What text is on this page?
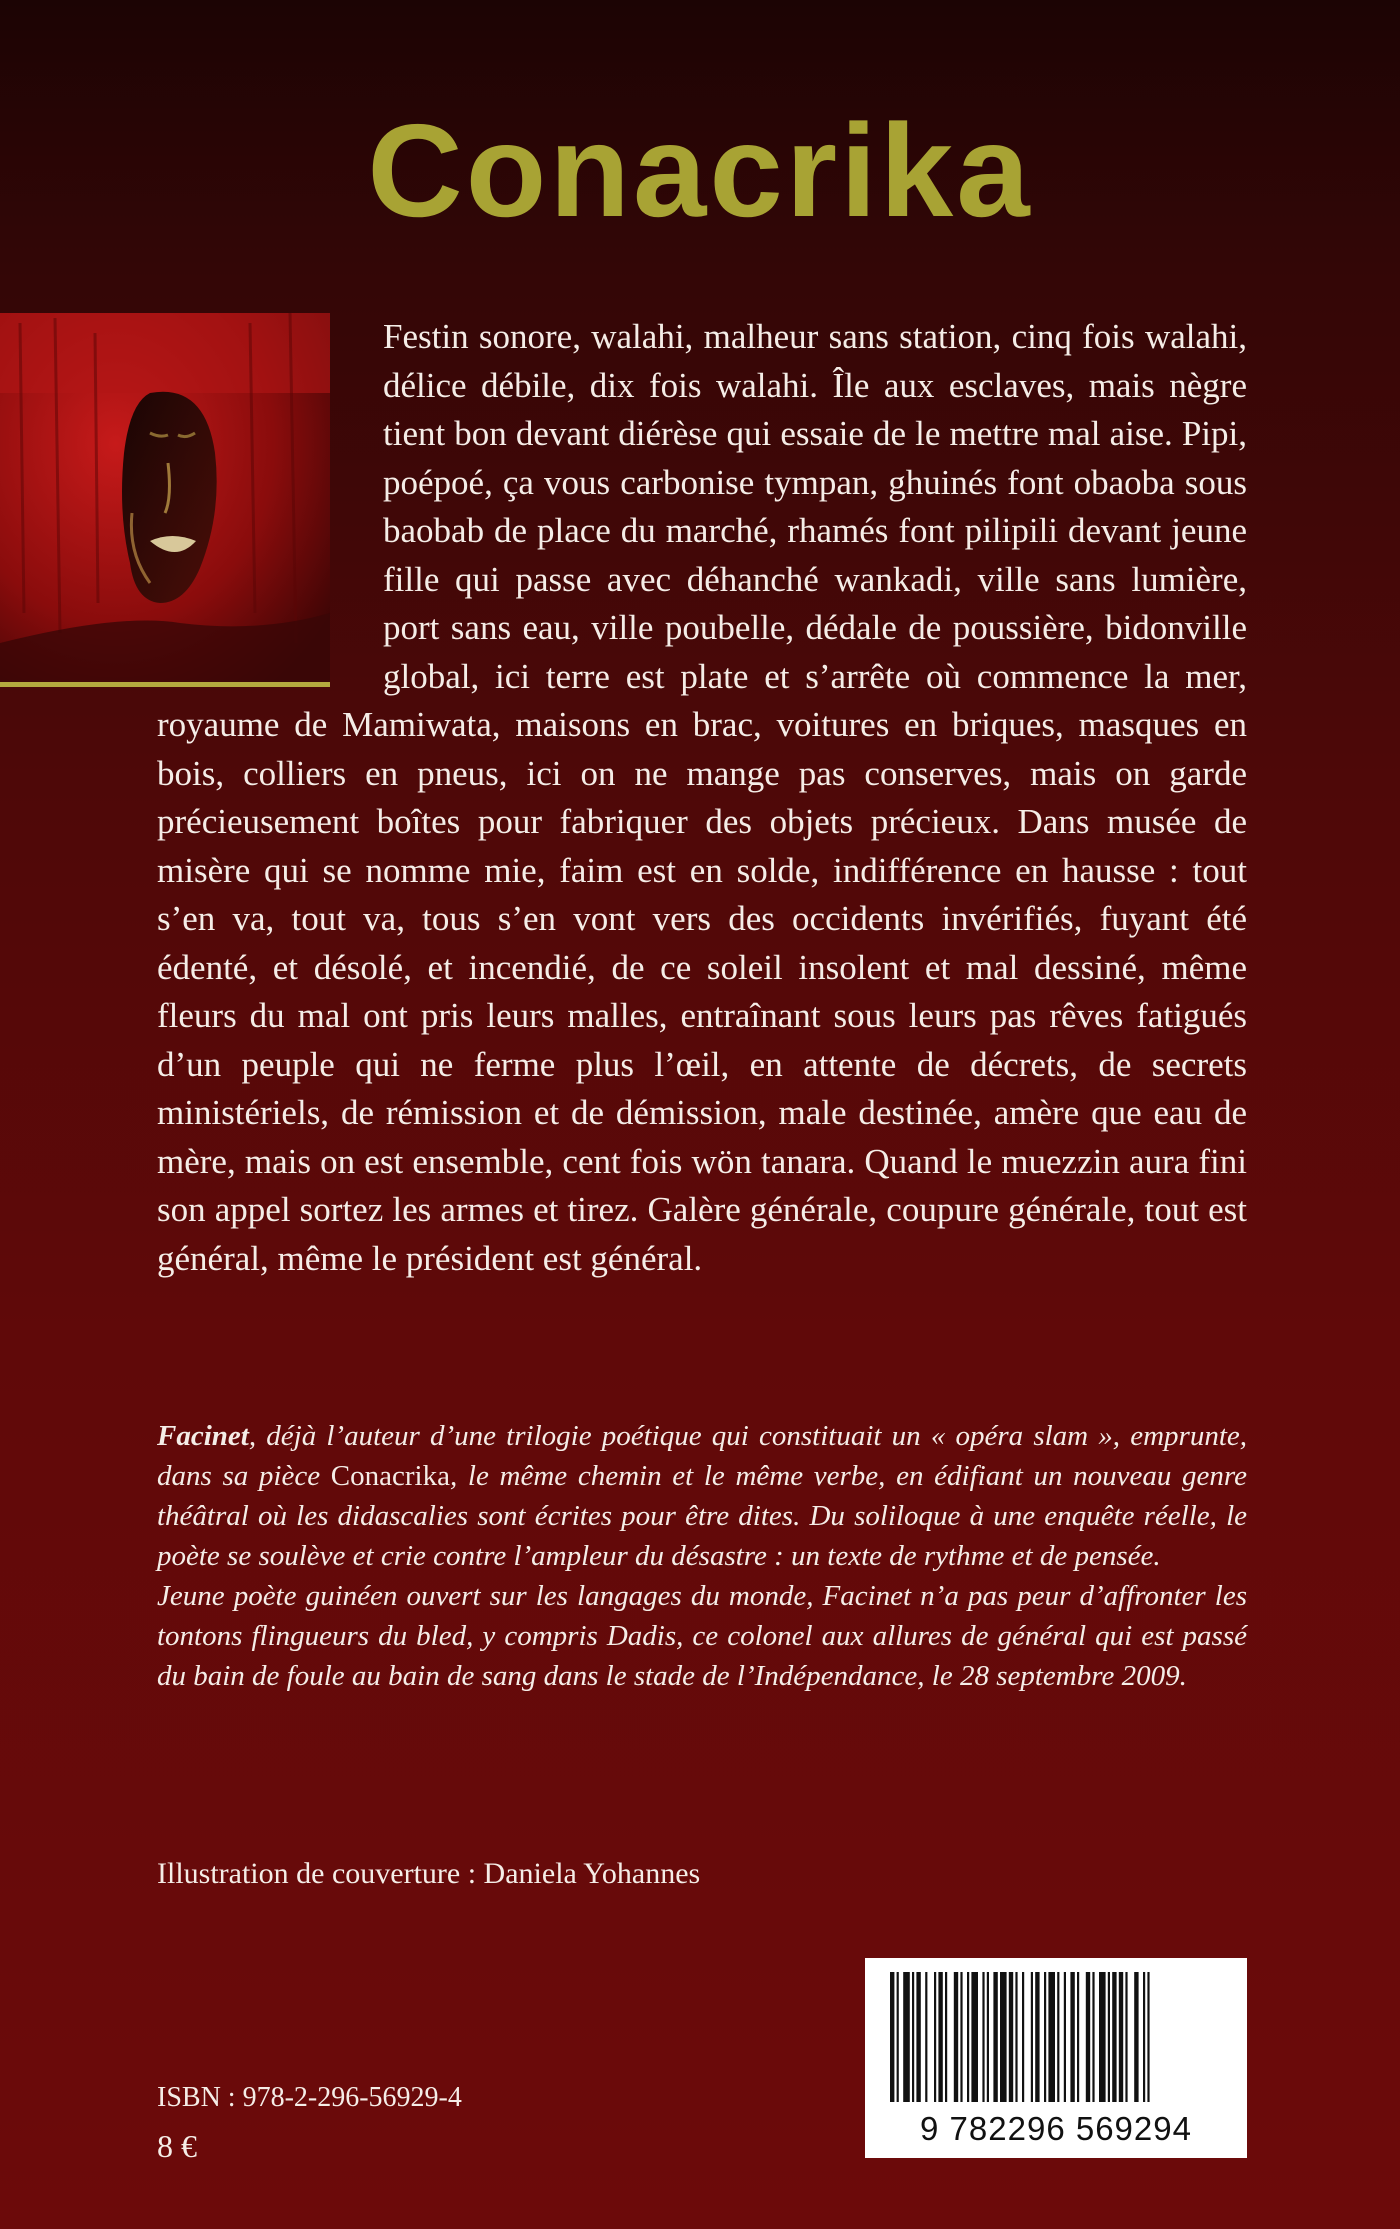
Conacrika

Festin sonore, walahi, malheur sans station, cinq fois walahi, délice débile, dix fois walahi. Île aux esclaves, mais nègre tient bon devant diérèse qui essaie de le mettre mal aise. Pipi, poépoé, ça vous carbonise tympan, ghuinés font obaoba sous baobab de place du marché, rhamés font pilipili devant jeune fille qui passe avec déhanché wankadi, ville sans lumière, port sans eau, ville poubelle, dédale de poussière, bidonville global, ici terre est plate et s’arrête où commence la mer, royaume de Mamiwata, maisons en brac, voitures en briques, masques en bois, colliers en pneus, ici on ne mange pas conserves, mais on garde précieusement boîtes pour fabriquer des objets précieux. Dans musée de misère qui se nomme mie, faim est en solde, indifférence en hausse : tout s’en va, tout va, tous s’en vont vers des occidents invérifiés, fuyant été édenté, et désolé, et incendié, de ce soleil insolent et mal dessiné, même fleurs du mal ont pris leurs malles, entraînant sous leurs pas rêves fatigués d’un peuple qui ne ferme plus l’œil, en attente de décrets, de secrets ministériels, de rémission et de démission, male destinée, amère que eau de mère, mais on est ensemble, cent fois wön tanara. Quand le muezzin aura fini son appel sortez les armes et tirez. Galère générale, coupure générale, tout est général, même le président est général.

Facinet, déjà l’auteur d’une trilogie poétique qui constituait un « opéra slam », emprunte, dans sa pièce Conacrika, le même chemin et le même verbe, en édifiant un nouveau genre théâtral où les didascalies sont écrites pour être dites. Du soliloque à une enquête réelle, le poète se soulève et crie contre l’ampleur du désastre : un texte de rythme et de pensée.

Jeune poète guinéen ouvert sur les langages du monde, Facinet n’a pas peur d’affronter les tontons flingueurs du bled, y compris Dadis, ce colonel aux allures de général qui est passé du bain de foule au bain de sang dans le stade de l’Indépendance, le 28 septembre 2009.

Illustration de couverture : Daniela Yohannes
ISBN : 978-2-296-56929-4
8 €	9 782296 569294
